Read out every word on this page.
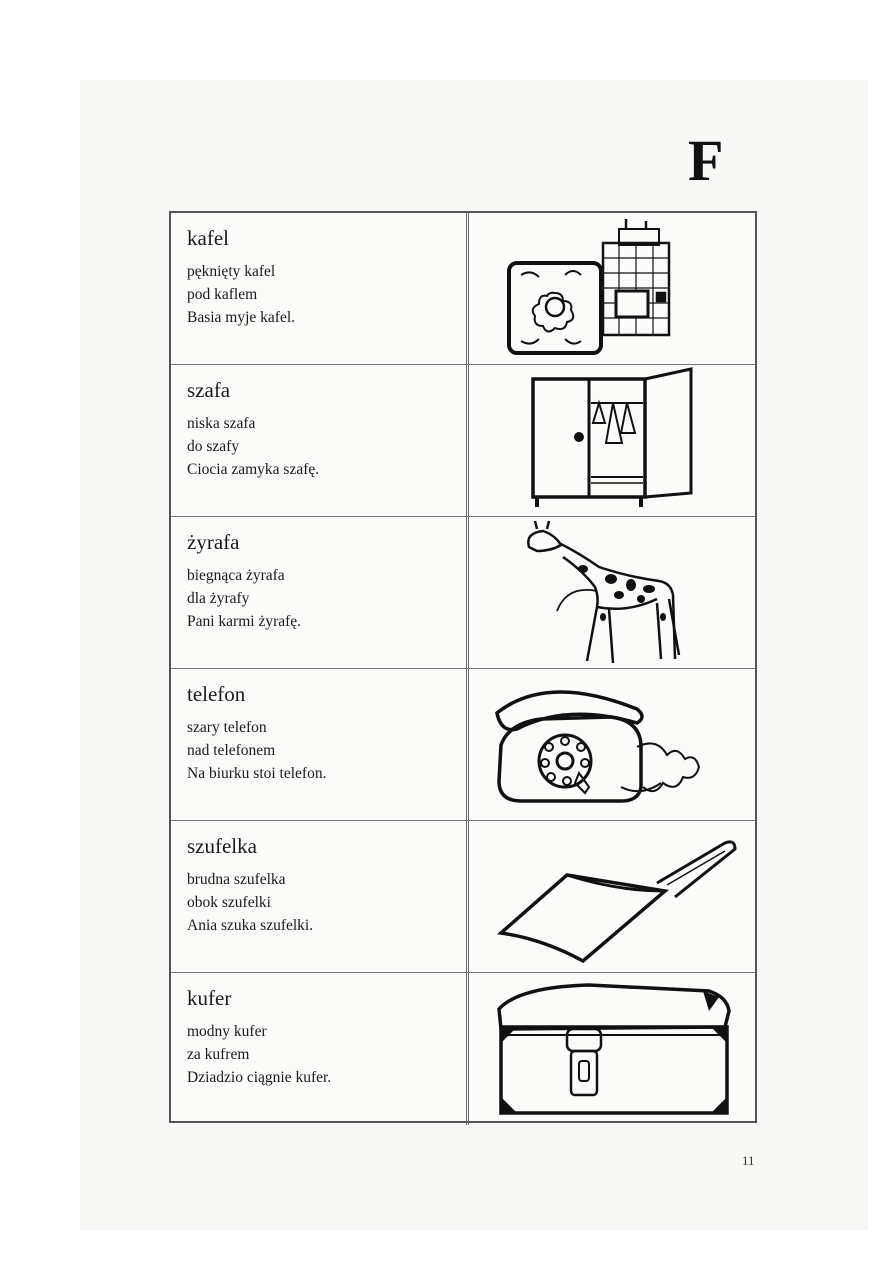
F

kafel

pęknięty kafel

pod kaflem

Basia myje kafel.

szafa

niska szafa

do szafy

Ciocia zamyka szafę.

żyrafa

biegnąca żyrafa

dla żyrafy

Pani karmi żyrafę.

telefon

szary telefon

nad telefonem

Na biurku stoi telefon.

szufelka

brudna szufelka

obok szufelki

Ania szuka szufelki.

kufer

modny kufer

za kufrem

Dziadzio ciągnie kufer.

11
